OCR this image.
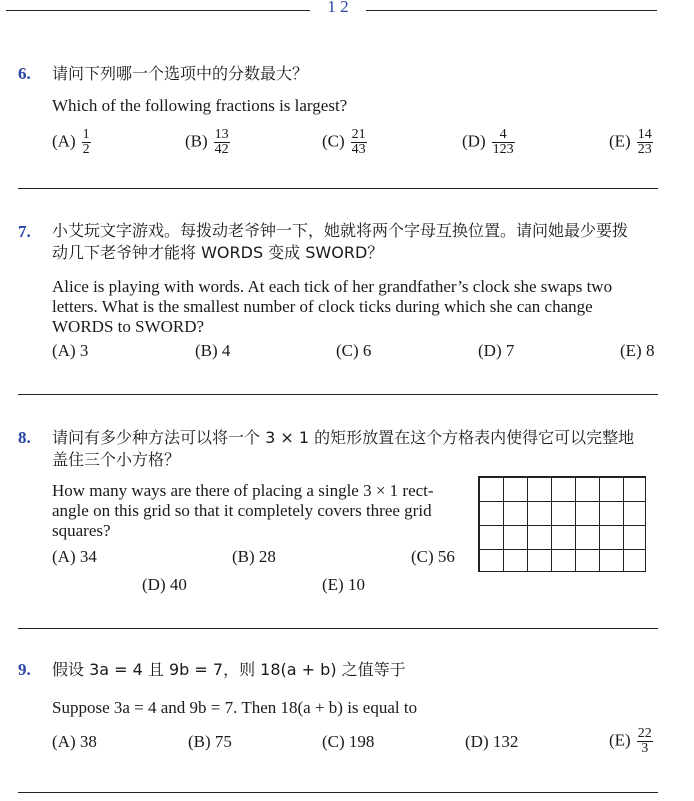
1 2
6. 请问下列哪一个选项中的分数最大？
Which of the following fractions is largest?
$(A) \frac{1}{2}$	$(B) \frac{13}{42}$	$(C) \frac{21}{43}$	$(D) \frac{4}{123}$	$(E) \frac{14}{23}$
7. 小艾玩文字游戏。每拨动老爷钟一下，她就将两个字母互换位置。请问她最少要拨
动几下老爷钟才能将 WORDS 变成 SWORD？
Alice is playing with words. At each tick of her grandfather’s clock she swaps two
letters. What is the smallest number of clock ticks during which she can change
WORDS to SWORD?
(A) 3	(B) 4	(C) 6	(D) 7	(E) 8
8. 请问有多少种方法可以将一个 3 × 1 的矩形放置在这个方格表内使得它可以完整地
盖住三个小方格？
How many ways are there of placing a single 3 × 1 rect-
angle on this grid so that it completely covers three grid
squares?
(A) 34	(B) 28	(C) 56
(D) 40	(E) 10
9. 假设 3a = 4 且 9b = 7，则 18(a + b) 之值等于
Suppose 3a = 4 and 9b = 7. Then 18(a + b) is equal to
(A) 38	(B) 75	(C) 198	(D) 132	$(E) \frac{22}{3}$
